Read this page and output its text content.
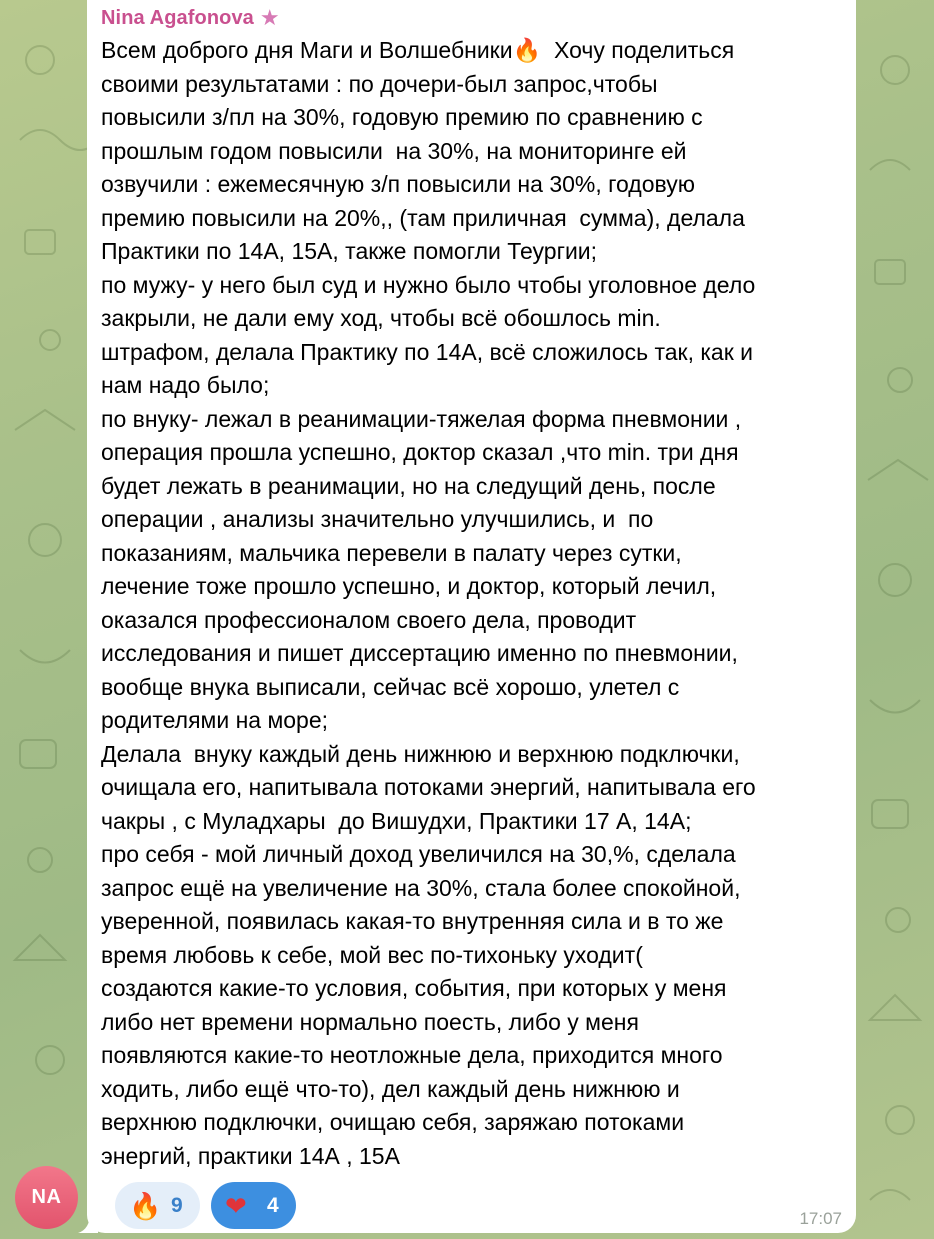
Nina Agafonova ★

Всем доброго дня Маги и Волшебники🔥  Хочу поделиться
своими результатами : по дочери-был запрос,чтобы
повысили з/пл на 30%, годовую премию по сравнению с
прошлым годом повысили  на 30%, на мониторинге ей
озвучили : ежемесячную з/п повысили на 30%, годовую
премию повысили на 20%,, (там приличная  сумма), делала
Практики по 14А, 15А, также помогли Теургии;
по мужу- у него был суд и нужно было чтобы уголовное дело
закрыли, не дали ему ход, чтобы всё обошлось min.
штрафом, делала Практику по 14А, всё сложилось так, как и
нам надо было;
по внуку- лежал в реанимации-тяжелая форма пневмонии ,
операция прошла успешно, доктор сказал ,что min. три дня
будет лежать в реанимации, но на следущий день, после
операции , анализы значительно улучшились, и  по
показаниям, мальчика перевели в палату через сутки,
лечение тоже прошло успешно, и доктор, который лечил,
оказался профессионалом своего дела, проводит
исследования и пишет диссертацию именно по пневмонии,
вообще внука выписали, сейчас всё хорошо, улетел с
родителями на море;
Делала  внуку каждый день нижнюю и верхнюю подключки,
очищала его, напитывала потоками энергий, напитывала его
чакры , с Муладхары  до Вишудхи, Практики 17 А, 14А;
про себя - мой личный доход увеличился на 30,%, сделала
запрос ещё на увеличение на 30%, стала более спокойной,
уверенной, появилась какая-то внутренняя сила и в то же
время любовь к себе, мой вес по-тихоньку уходит(
создаются какие-то условия, события, при которых у меня
либо нет времени нормально поесть, либо у меня
появляются какие-то неотложные дела, приходится много
ходить, либо ещё что-то), дел каждый день нижнюю и
верхнюю подключки, очищаю себя, заряжаю потоками
энергий, практики 14А , 15А

🔥 9 ❤ 4
17:07
NA
